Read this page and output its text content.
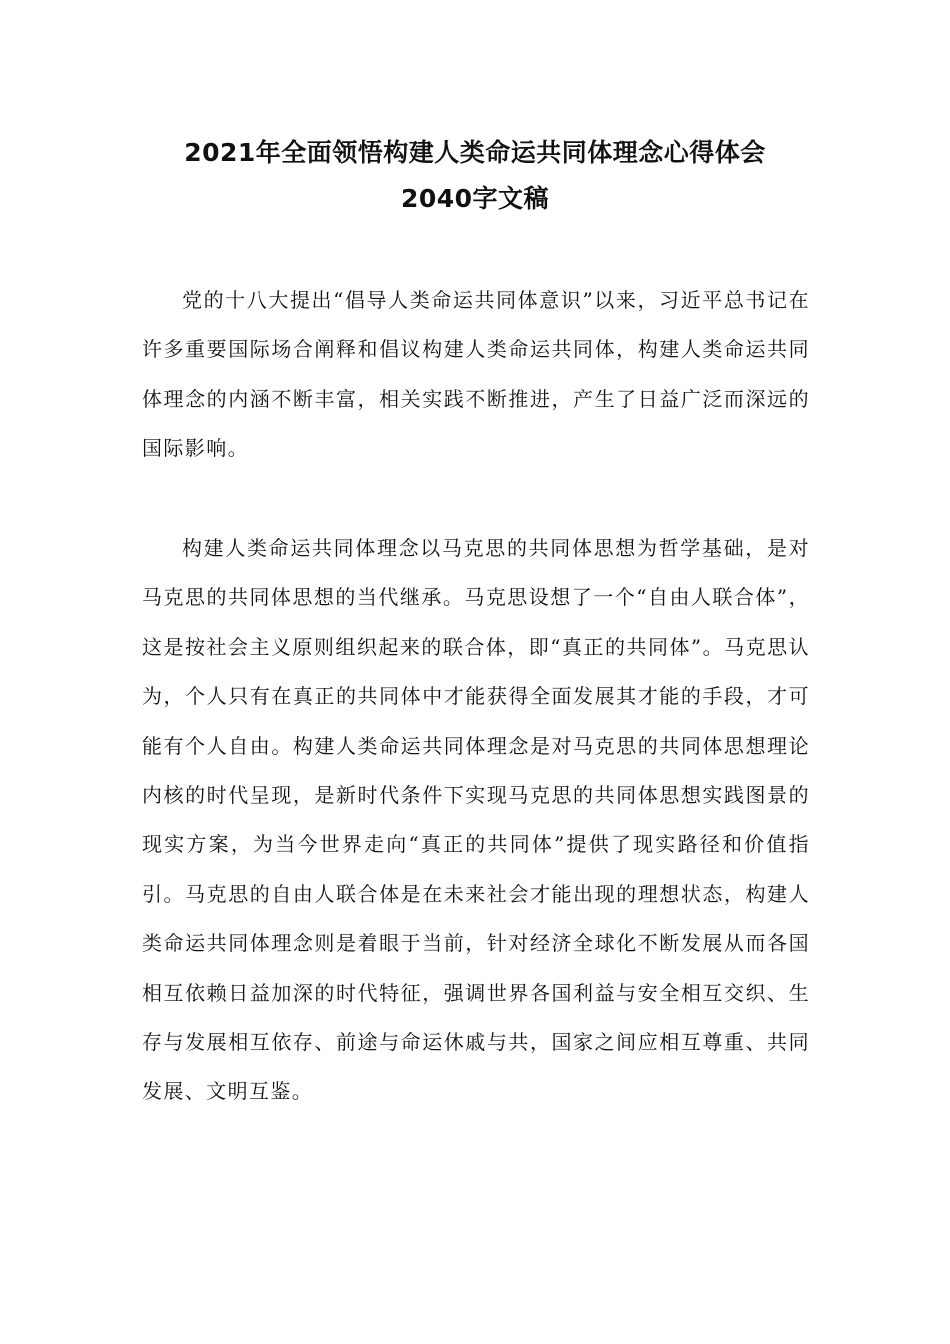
2021年全面领悟构建人类命运共同体理念心得体会
2040字文稿

党的十八大提出“倡导人类命运共同体意识”以来，习近平总书记在许多重要国际场合阐释和倡议构建人类命运共同体，构建人类命运共同体理念的内涵不断丰富，相关实践不断推进，产生了日益广泛而深远的国际影响。

构建人类命运共同体理念以马克思的共同体思想为哲学基础，是对马克思的共同体思想的当代继承。马克思设想了一个“自由人联合体”，这是按社会主义原则组织起来的联合体，即“真正的共同体”。马克思认为，个人只有在真正的共同体中才能获得全面发展其才能的手段，才可能有个人自由。构建人类命运共同体理念是对马克思的共同体思想理论内核的时代呈现，是新时代条件下实现马克思的共同体思想实践图景的现实方案，为当今世界走向“真正的共同体”提供了现实路径和价值指引。马克思的自由人联合体是在未来社会才能出现的理想状态，构建人类命运共同体理念则是着眼于当前，针对经济全球化不断发展从而各国相互依赖日益加深的时代特征，强调世界各国利益与安全相互交织、生存与发展相互依存、前途与命运休戚与共，国家之间应相互尊重、共同发展、文明互鉴。
